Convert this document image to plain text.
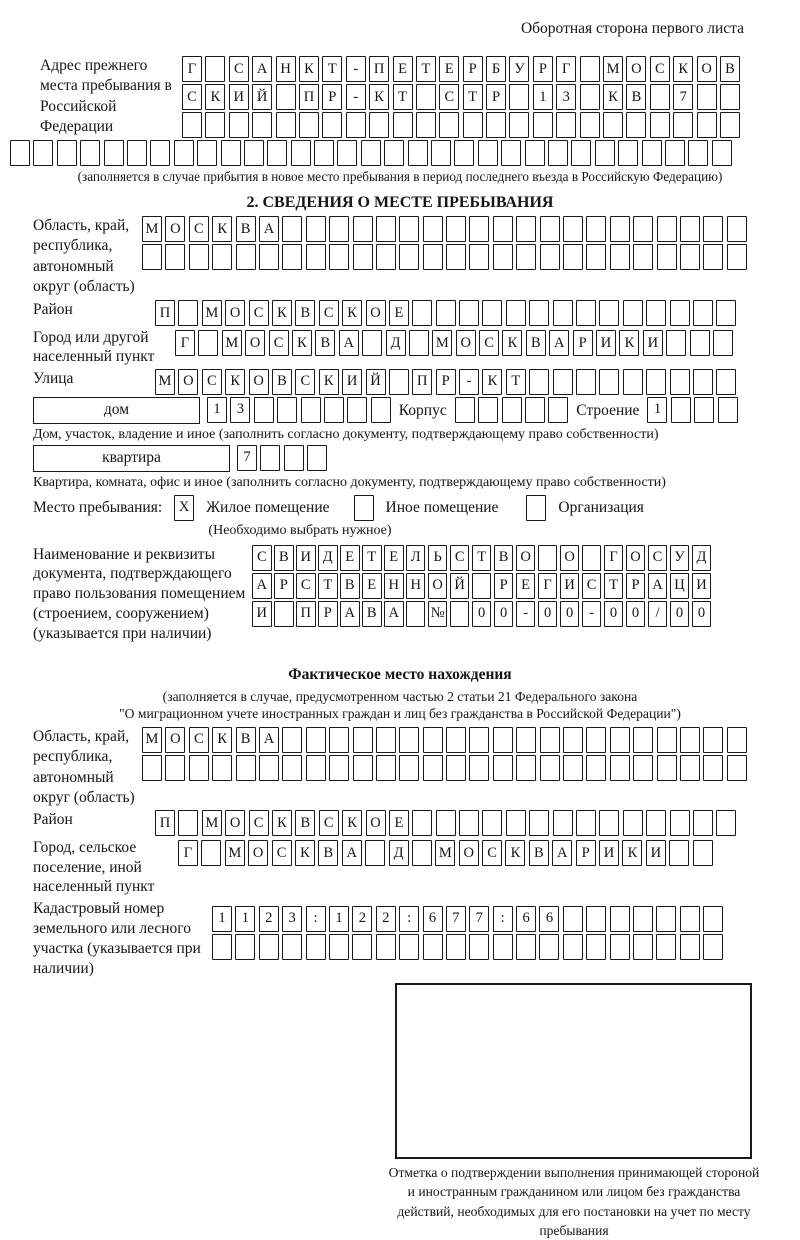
Оборотная сторона первого листа
Адрес прежнего места пребывания в Российской Федерации
Г	С А Н К Т	-	П Е	Т	Е	Р	Б У Р	Г	М О С К О В
С К И Й	П Р	-	К Т	С Т	Р	1	3	К В	7
(заполняется в случае прибытия в новое место пребывания в период последнего въезда в Российскую Федерацию)
2. СВЕДЕНИЯ О МЕСТЕ ПРЕБЫВАНИЯ
Область, край, республика, автономный округ (область)
М О С К В А
Район	П	М О С К В С К О Е
Город или другой населенный пункт
Г	М О С К В А	Д	М О С К В А Р И К И
Улица	М О С К О В С К И Й	П Р	-	К Т
дом	1	3	Корпус	Строение 1
Дом, участок, владение и иное (заполнить согласно документу, подтверждающему право собственности)
квартира	7
Квартира, комната, офис и иное (заполнить согласно документу, подтверждающему право собственности)
Место пребывания:	X	Жилое помещение	Иное помещение	Организация
(Необходимо выбрать нужное)
Наименование и реквизиты документа, подтверждающего право пользования помещением (строением, сооружением) (указывается при наличии)
С В И Д Е Т Е Л Ь С Т В О	О	Г О С У Д
А Р С Т В Е Н Н О Й	Р Е Г И С Т Р А Ц И
И	П Р А В А	№	0	0	-	0	0	-	0	0	/	0	0
Фактическое место нахождения
(заполняется в случае, предусмотренном частью 2 статьи 21 Федерального закона
"О миграционном учете иностранных граждан и лиц без гражданства в Российской Федерации")
Область, край, республика, автономный округ (область)
М О С К В А
Район	П	М О С К В С К О Е
Город, сельское поселение, иной населенный пункт
Г	М О С К В А	Д	М О С К В А Р И К И
Кадастровый номер земельного или лесного участка (указывается при наличии)
1	1	2	3	:	1	2	2	:	6	7	7	:	6	6
Отметка о подтверждении выполнения принимающей стороной и иностранным гражданином или лицом без гражданства действий, необходимых для его постановки на учет по месту пребывания
